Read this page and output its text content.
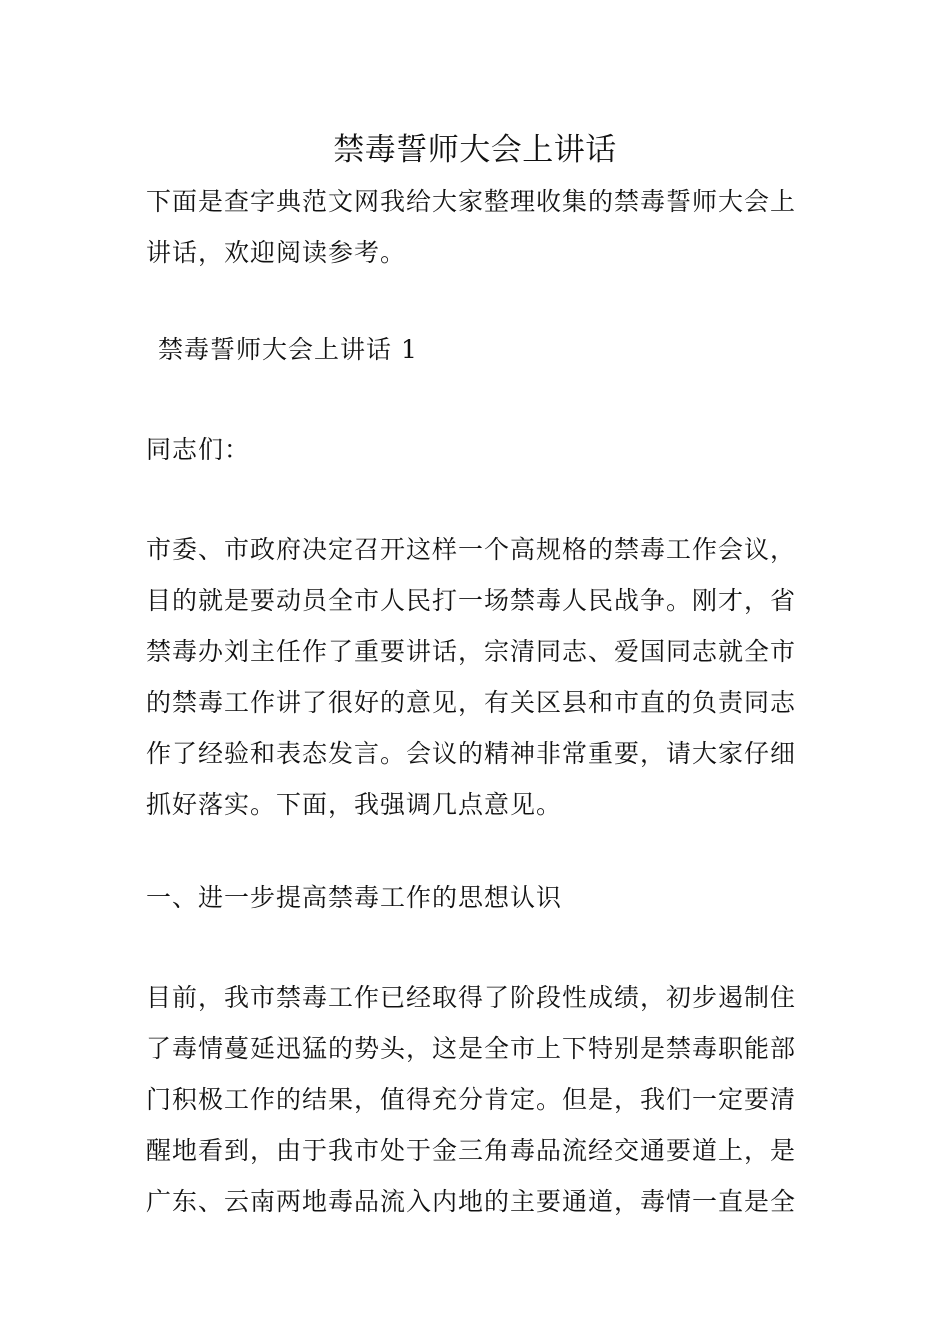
禁毒誓师大会上讲话
下面是查字典范文网我给大家整理收集的禁毒誓师大会上
讲话，欢迎阅读参考。
禁毒誓师大会上讲话 1
同志们：
市委、市政府决定召开这样一个高规格的禁毒工作会议，
目的就是要动员全市人民打一场禁毒人民战争。刚才，省
禁毒办刘主任作了重要讲话，宗清同志、爱国同志就全市
的禁毒工作讲了很好的意见，有关区县和市直的负责同志
作了经验和表态发言。会议的精神非常重要，请大家仔细
抓好落实。下面，我强调几点意见。
一、进一步提高禁毒工作的思想认识
目前，我市禁毒工作已经取得了阶段性成绩，初步遏制住
了毒情蔓延迅猛的势头，这是全市上下特别是禁毒职能部
门积极工作的结果，值得充分肯定。但是，我们一定要清
醒地看到，由于我市处于金三角毒品流经交通要道上，是
广东、云南两地毒品流入内地的主要通道，毒情一直是全
